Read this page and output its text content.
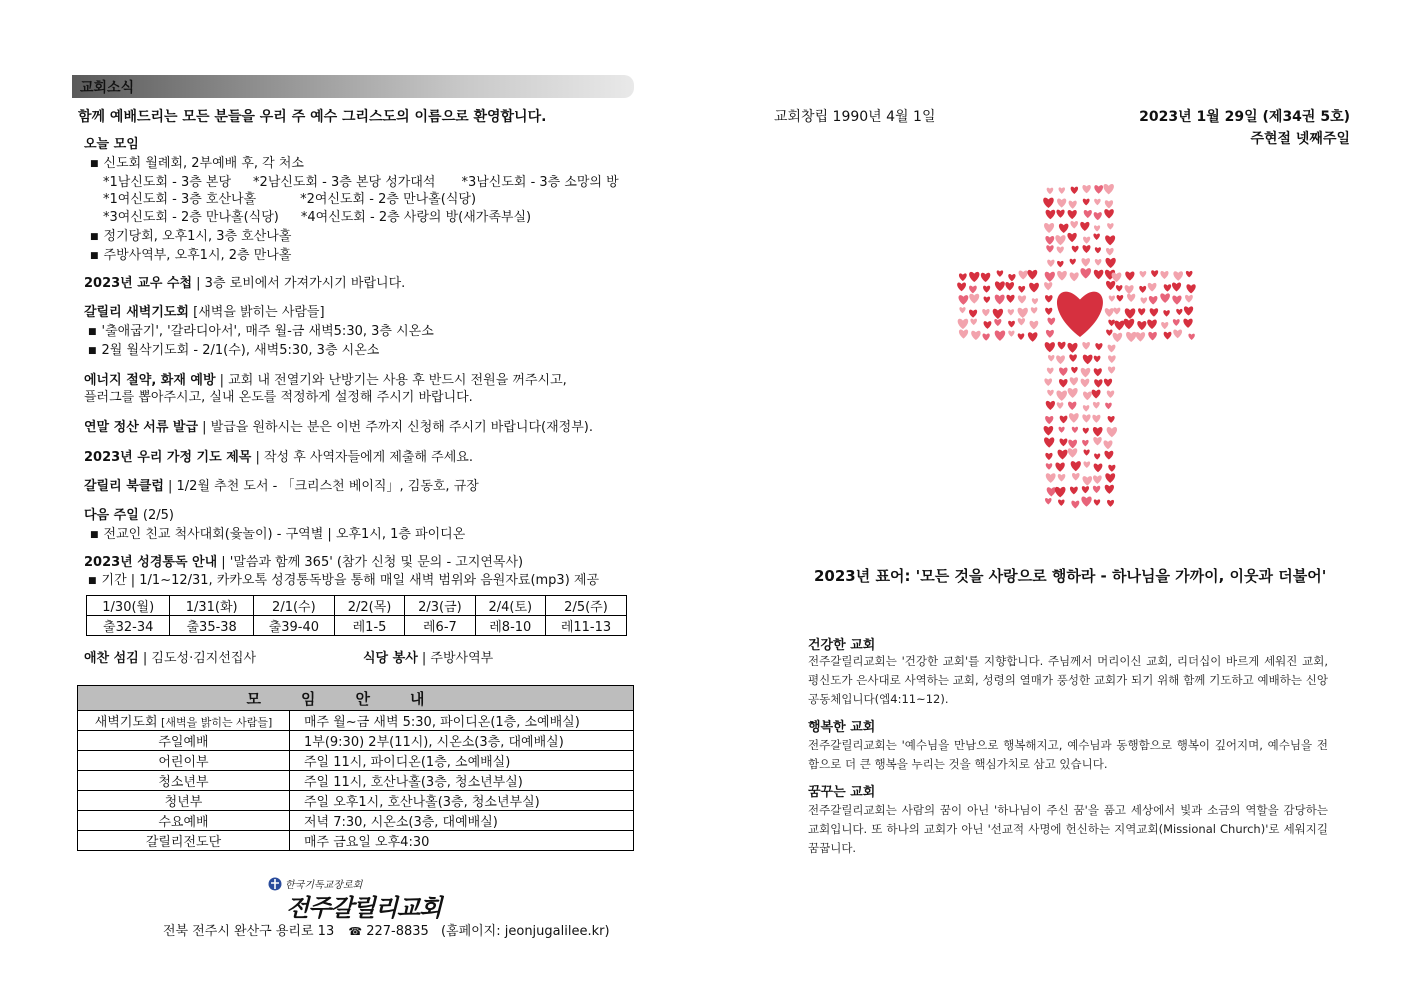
교회소식
함께 예배드리는 모든 분들을 우리 주 예수 그리스도의 이름으로 환영합니다.
오늘 모임
■ 신도회 월례회, 2부예배 후, 각 처소
*1남신도회 - 3층 본당 *2남신도회 - 3층 본당 성가대석 *3남신도회 - 3층 소망의 방
*1여신도회 - 3층 호산나홀	*2여신도회 - 2층 만나홀(식당)
*3여신도회 - 2층 만나홀(식당) *4여신도회 - 2층 사랑의 방(새가족부실)
■ 정기당회, 오후1시, 3층 호산나홀
■ 주방사역부, 오후1시, 2층 만나홀
2023년 교우 수첩 | 3층 로비에서 가져가시기 바랍니다.
갈릴리 새벽기도회 [새벽을 밝히는 사람들]
■ '출애굽기', '갈라디아서', 매주 월-금 새벽5:30, 3층 시온소
■ 2월 월삭기도회 - 2/1(수), 새벽5:30, 3층 시온소
에너지 절약, 화재 예방 | 교회 내 전열기와 난방기는 사용 후 반드시 전원을 꺼주시고,
플러그를 뽑아주시고, 실내 온도를 적정하게 설정해 주시기 바랍니다.
연말 정산 서류 발급 | 발급을 원하시는 분은 이번 주까지 신청해 주시기 바랍니다(재정부).
2023년 우리 가정 기도 제목 | 작성 후 사역자들에게 제출해 주세요.
갈릴리 북클럽 | 1/2월 추천 도서 - 「크리스천 베이직」, 김동호, 규장
다음 주일 (2/5)
■ 전교인 친교 척사대회(윷놀이) - 구역별 | 오후1시, 1층 파이디온
2023년 성경통독 안내 | '말씀과 함께 365' (참가 신청 및 문의 - 고지연목사)
■ 기간 | 1/1~12/31, 카카오톡 성경통독방을 통해 매일 새벽 범위와 음원자료(mp3) 제공
1/30(월)	1/31(화)	2/1(수)	2/2(목)	2/3(금)	2/4(토)	2/5(주)
출32-34	출35-38	출39-40	레1-5	레6-7	레8-10	레11-13
애찬 섬김 | 김도성·김지선집사	식당 봉사 | 주방사역부
모임안내	
새벽기도회 [새벽을 밝히는 사람들]	매주 월~금 새벽 5:30, 파이디온(1층, 소예배실)
주일예배	1부(9:30) 2부(11시), 시온소(3층, 대예배실)
어린이부	주일 11시, 파이디온(1층, 소예배실)
청소년부	주일 11시, 호산나홀(3층, 청소년부실)
청년부	주일 오후1시, 호산나홀(3층, 청소년부실)
수요예배	저녁 7:30, 시온소(3층, 대예배실)
갈릴리전도단	매주 금요일 오후4:30
한국기독교장로회
전주갈릴리교회
전북 전주시 완산구 용리로 13 ☎ 227-8835 (홈페이지: jeonjugalilee.kr)
교회창립 1990년 4월 1일	2023년 1월 29일 (제34권 5호)
주현절 넷째주일
2023년 표어: '모든 것을 사랑으로 행하라 - 하나님을 가까이, 이웃과 더불어'
건강한 교회
전주갈릴리교회는 '건강한 교회'를 지향합니다. 주님께서 머리이신 교회, 리더십이 바르게 세워진 교회, 평신도가 은사대로 사역하는 교회, 성령의 열매가 풍성한 교회가 되기 위해 함께 기도하고 예배하는 신앙 공동체입니다(엡4:11~12).
행복한 교회
전주갈릴리교회는 '예수님을 만남으로 행복해지고, 예수님과 동행함으로 행복이 깊어지며, 예수님을 전함으로 더 큰 행복을 누리는 것을 핵심가치로 삼고 있습니다.
꿈꾸는 교회
전주갈릴리교회는 사람의 꿈이 아닌 '하나님이 주신 꿈'을 품고 세상에서 빛과 소금의 역할을 감당하는 교회입니다. 또 하나의 교회가 아닌 '선교적 사명에 헌신하는 지역교회(Missional Church)'로 세워지길 꿈꿉니다.
